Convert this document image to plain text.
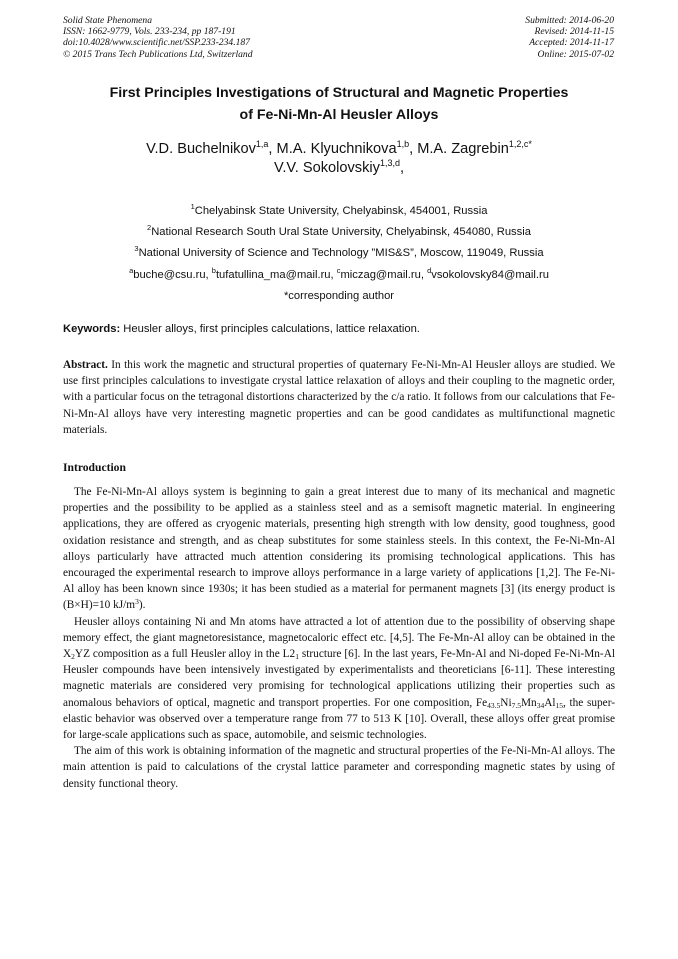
Solid State Phenomena
ISSN: 1662-9779, Vols. 233-234, pp 187-191
doi:10.4028/www.scientific.net/SSP.233-234.187
© 2015 Trans Tech Publications Ltd, Switzerland
Submitted: 2014-06-20
Revised: 2014-11-15
Accepted: 2014-11-17
Online: 2015-07-02
First Principles Investigations of Structural and Magnetic Properties
of Fe-Ni-Mn-Al Heusler Alloys
V.D. Buchelnikov$^{1,a}$, M.A. Klyuchnikova$^{1,b}$, M.A. Zagrebin$^{1,2,c*}$
V.V. Sokolovskiy$^{1,3,d}$,
$^1$Chelyabinsk State University, Chelyabinsk, 454001, Russia
$^2$National Research South Ural State University, Chelyabinsk, 454080, Russia
$^3$National University of Science and Technology ”MIS&S”, Moscow, 119049, Russia
$^a$buche@csu.ru, $^b$tufatullina_ma@mail.ru, $^c$miczag@mail.ru, $^d$vsokolovsky84@mail.ru
*corresponding author
Keywords: Heusler alloys, first principles calculations, lattice relaxation.

Abstract. In this work the magnetic and structural properties of quaternary Fe-Ni-Mn-Al Heusler alloys are studied. We use first principles calculations to investigate crystal lattice relaxation of alloys and their coupling to the magnetic order, with a particular focus on the tetragonal distortions characterized by the c/a ratio. It follows from our calculations that Fe-Ni-Mn-Al alloys have very interesting magnetic properties and can be good candidates as multifunctional magnetic materials.

Introduction

The Fe-Ni-Mn-Al alloys system is beginning to gain a great interest due to many of its mechanical and magnetic properties and the possibility to be applied as a stainless steel and as a semisoft magnetic material. In engineering applications, they are offered as cryogenic materials, presenting high strength with low density, good toughness, good oxidation resistance and strength, and as cheap substitutes for some stainless steels. In this context, the Fe-Ni-Mn-Al alloys particularly have attracted much attention considering its promising technological applications. This has encouraged the experimental research to improve alloys performance in a large variety of applications [1,2]. The Fe-Ni-Al alloy has been known since 1930s; it has been studied as a material for permanent magnets [3] (its energy product is (B×H)=10 $kJ/m^3$).

Heusler alloys containing Ni and Mn atoms have attracted a lot of attention due to the possibility of observing shape memory effect, the giant magnetoresistance, magnetocaloric effect etc. [4,5]. The Fe-Mn-Al alloy can be obtained in the $X_2YZ$ composition as a full Heusler alloy in the $L2_1$ structure [6]. In the last years, Fe-Mn-Al and Ni-doped Fe-Ni-Mn-Al Heusler compounds have been intensively investigated by experimentalists and theoreticians [6-11]. These interesting magnetic materials are considered very promising for technological applications utilizing their properties such as anomalous behaviors of optical, magnetic and transport properties. For one composition, $Fe_{43.5}Ni_{7.5}Mn_{34}Al_{15}$, the super-elastic behavior was observed over a temperature range from 77 to 513 K [10]. Overall, these alloys offer great promise for large-scale applications such as space, automobile, and seismic technologies.

The aim of this work is obtaining information of the magnetic and structural properties of the Fe-Ni-Mn-Al alloys. The main attention is paid to calculations of the crystal lattice parameter and corresponding magnetic states by using of density functional theory.
